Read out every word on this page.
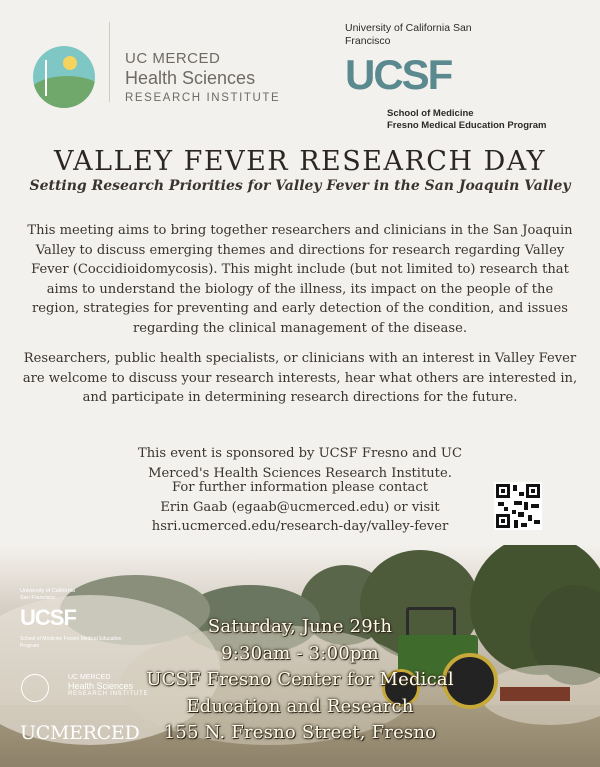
UC MERCED
Health Sciences
RESEARCH INSTITUTE
University of California San Francisco
UCSF
School of Medicine
Fresno Medical Education Program
VALLEY FEVER RESEARCH DAY
Setting Research Priorities for Valley Fever in the San Joaquin Valley
This meeting aims to bring together researchers and clinicians in the San Joaquin Valley to discuss emerging themes and directions for research regarding Valley Fever (Coccidioidomycosis). This might include (but not limited to) research that aims to understand the biology of the illness, its impact on the people of the region, strategies for preventing and early detection of the condition, and issues regarding the clinical management of the disease.
Researchers, public health specialists, or clinicians with an interest in Valley Fever are welcome to discuss your research interests, hear what others are interested in, and participate in determining research directions for the future.
This event is sponsored by UCSF Fresno and UC Merced's Health Sciences Research Institute.
For further information please contact
Erin Gaab (egaab@ucmerced.edu) or visit
hsri.ucmerced.edu/research-day/valley-fever
University of California San Francisco
UCSF
School of Medicine Fresno Medical Education Program
UC MERCED
Health Sciences
RESEARCH INSTITUTE
UCMERCED
Saturday, June 29th
9:30am - 3:00pm
UCSF Fresno Center for Medical
Education and Research
155 N. Fresno Street, Fresno
